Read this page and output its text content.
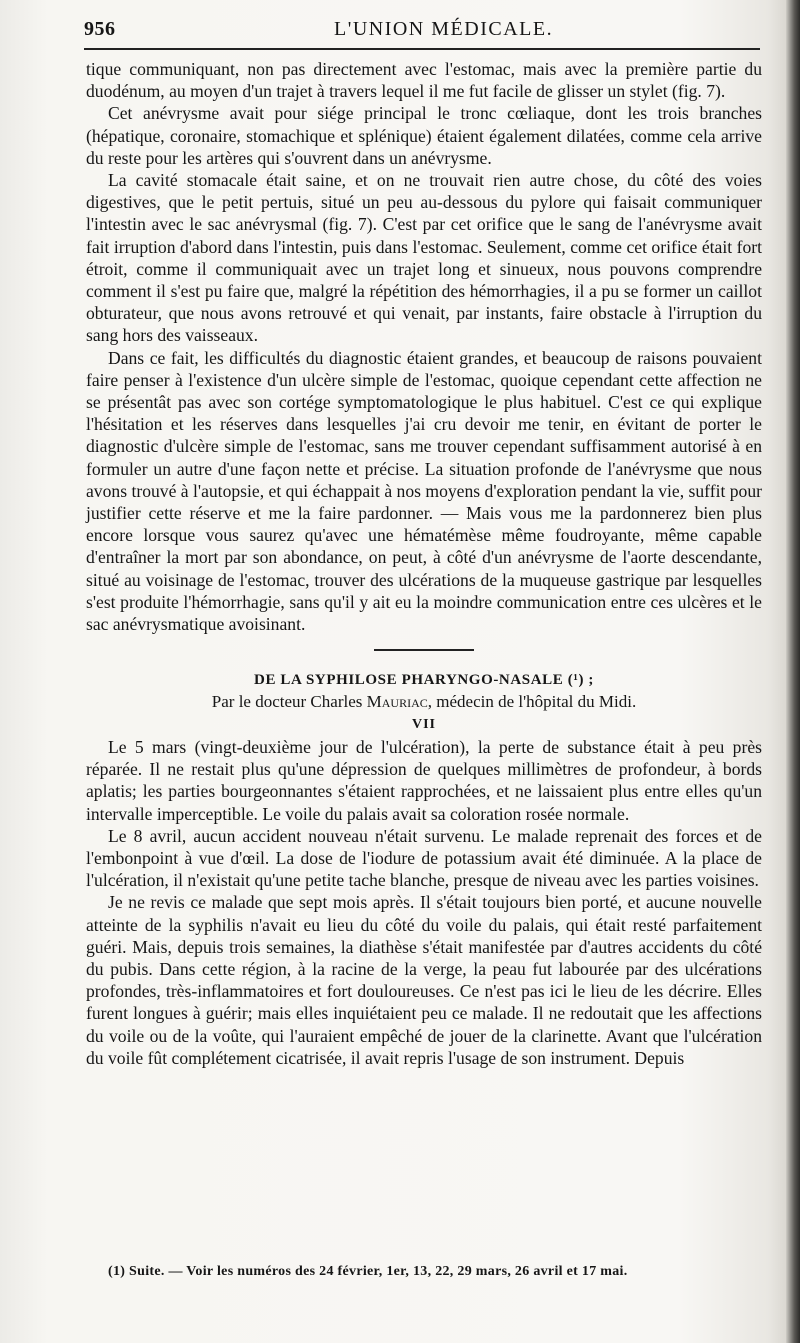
956	L'UNION MÉDICALE.

tique communiquant, non pas directement avec l'estomac, mais avec la première partie du duodénum, au moyen d'un trajet à travers lequel il me fut facile de glisser un stylet (fig. 7).

Cet anévrysme avait pour siége principal le tronc cœliaque, dont les trois branches (hépatique, coronaire, stomachique et splénique) étaient également dilatées, comme cela arrive du reste pour les artères qui s'ouvrent dans un anévrysme.

La cavité stomacale était saine, et on ne trouvait rien autre chose, du côté des voies digestives, que le petit pertuis, situé un peu au-dessous du pylore qui faisait communiquer l'intestin avec le sac anévrysmal (fig. 7). C'est par cet orifice que le sang de l'anévrysme avait fait irruption d'abord dans l'intestin, puis dans l'estomac. Seulement, comme cet orifice était fort étroit, comme il communiquait avec un trajet long et sinueux, nous pouvons comprendre comment il s'est pu faire que, malgré la répétition des hémorrhagies, il a pu se former un caillot obturateur, que nous avons retrouvé et qui venait, par instants, faire obstacle à l'irruption du sang hors des vaisseaux.

Dans ce fait, les difficultés du diagnostic étaient grandes, et beaucoup de raisons pouvaient faire penser à l'existence d'un ulcère simple de l'estomac, quoique cependant cette affection ne se présentât pas avec son cortége symptomatologique le plus habituel. C'est ce qui explique l'hésitation et les réserves dans lesquelles j'ai cru devoir me tenir, en évitant de porter le diagnostic d'ulcère simple de l'estomac, sans me trouver cependant suffisamment autorisé à en formuler un autre d'une façon nette et précise. La situation profonde de l'anévrysme que nous avons trouvé à l'autopsie, et qui échappait à nos moyens d'exploration pendant la vie, suffit pour justifier cette réserve et me la faire pardonner. — Mais vous me la pardonnerez bien plus encore lorsque vous saurez qu'avec une hématémèse même foudroyante, même capable d'entraîner la mort par son abondance, on peut, à côté d'un anévrysme de l'aorte descendante, situé au voisinage de l'estomac, trouver des ulcérations de la muqueuse gastrique par lesquelles s'est produite l'hémorrhagie, sans qu'il y ait eu la moindre communication entre ces ulcères et le sac anévrysmatique avoisinant.

DE LA SYPHILOSE PHARYNGO-NASALE (¹) ;

Par le docteur Charles Mauriac, médecin de l'hôpital du Midi.

VII

Le 5 mars (vingt-deuxième jour de l'ulcération), la perte de substance était à peu près réparée. Il ne restait plus qu'une dépression de quelques millimètres de profondeur, à bords aplatis; les parties bourgeonnantes s'étaient rapprochées, et ne laissaient plus entre elles qu'un intervalle imperceptible. Le voile du palais avait sa coloration rosée normale.

Le 8 avril, aucun accident nouveau n'était survenu. Le malade reprenait des forces et de l'embonpoint à vue d'œil. La dose de l'iodure de potassium avait été diminuée. A la place de l'ulcération, il n'existait qu'une petite tache blanche, presque de niveau avec les parties voisines.

Je ne revis ce malade que sept mois après. Il s'était toujours bien porté, et aucune nouvelle atteinte de la syphilis n'avait eu lieu du côté du voile du palais, qui était resté parfaitement guéri. Mais, depuis trois semaines, la diathèse s'était manifestée par d'autres accidents du côté du pubis. Dans cette région, à la racine de la verge, la peau fut labourée par des ulcérations profondes, très-inflammatoires et fort douloureuses. Ce n'est pas ici le lieu de les décrire. Elles furent longues à guérir; mais elles inquiétaient peu ce malade. Il ne redoutait que les affections du voile ou de la voûte, qui l'auraient empêché de jouer de la clarinette. Avant que l'ulcération du voile fût complétement cicatrisée, il avait repris l'usage de son instrument. Depuis

(1) Suite. — Voir les numéros des 24 février, 1er, 13, 22, 29 mars, 26 avril et 17 mai.
